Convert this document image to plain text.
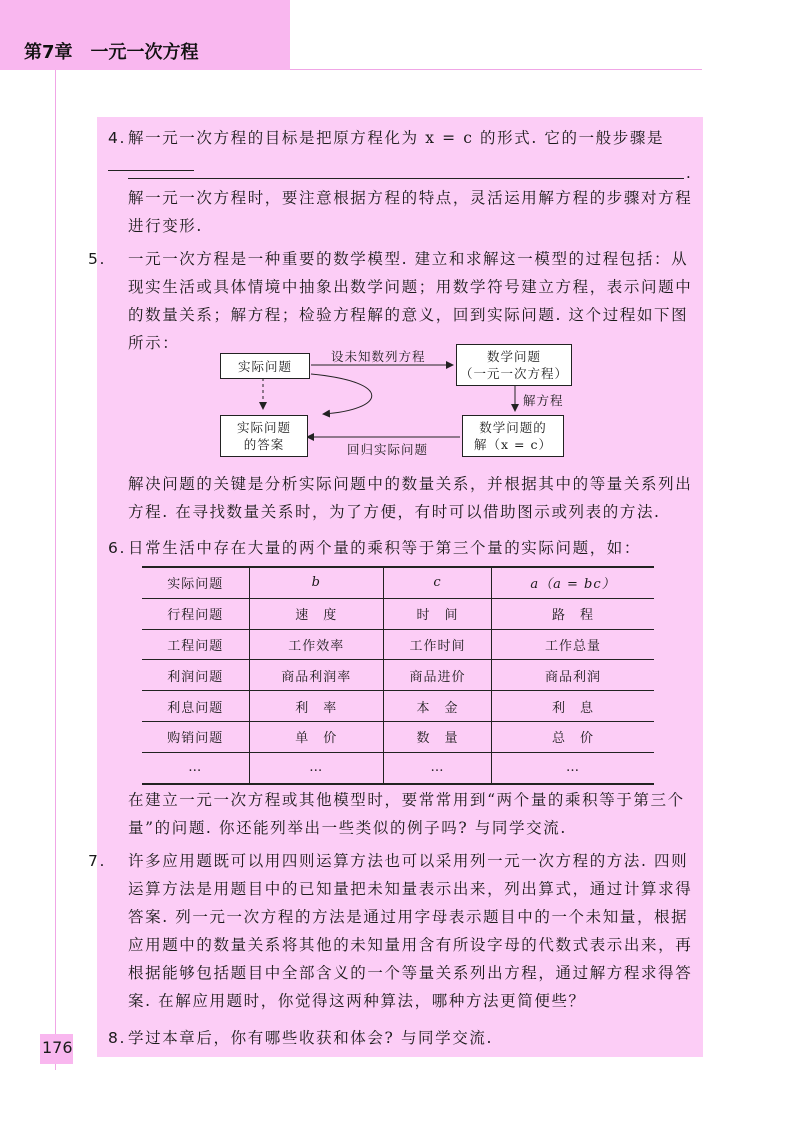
第7章 一元一次方程
4. 解一元一次方程的目标是把原方程化为 x = c 的形式. 它的一般步骤是
.
解一元一次方程时，要注意根据方程的特点，灵活运用解方程的步骤对方程进行变形.
5. 一元一次方程是一种重要的数学模型. 建立和求解这一模型的过程包括：从现实生活或具体情境中抽象出数学问题；用数学符号建立方程，表示问题中的数量关系；解方程；检验方程解的意义，回到实际问题. 这个过程如下图所示：
实际问题
数学问题
（一元一次方程）
实际问题
的答案
数学问题的
解（x = c）
设未知数列方程
解方程
回归实际问题
解决问题的关键是分析实际问题中的数量关系，并根据其中的等量关系列出方程. 在寻找数量关系时，为了方便，有时可以借助图示或列表的方法.
6. 日常生活中存在大量的两个量的乘积等于第三个量的实际问题，如：
实际问题	b	c	a（a = bc）
行程问题	速　度	时　间	路　程
工程问题	工作效率	工作时间	工作总量
利润问题	商品利润率	商品进价	商品利润
利息问题	利　率	本　金	利　息
购销问题	单　价	数　量	总　价
…	…	…	…
在建立一元一次方程或其他模型时，要常常用到“两个量的乘积等于第三个量”的问题. 你还能列举出一些类似的例子吗? 与同学交流.
7. 许多应用题既可以用四则运算方法也可以采用列一元一次方程的方法. 四则运算方法是用题目中的已知量把未知量表示出来，列出算式，通过计算求得答案. 列一元一次方程的方法是通过用字母表示题目中的一个未知量，根据应用题中的数量关系将其他的未知量用含有所设字母的代数式表示出来，再根据能够包括题目中全部含义的一个等量关系列出方程，通过解方程求得答案. 在解应用题时，你觉得这两种算法，哪种方法更简便些？
8. 学过本章后，你有哪些收获和体会? 与同学交流.
176
